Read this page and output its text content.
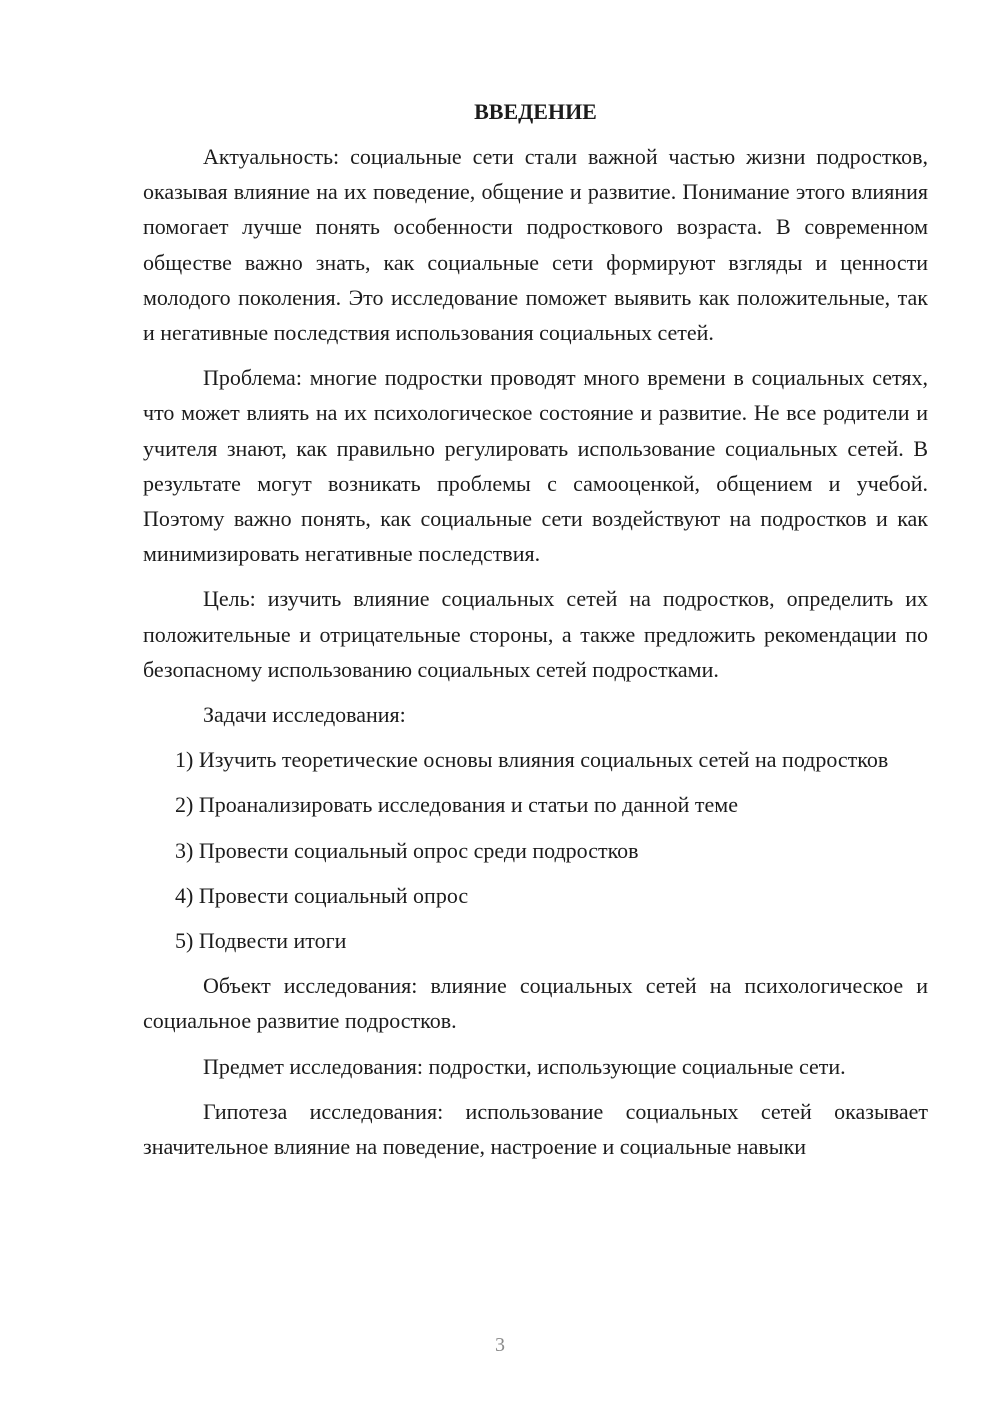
ВВЕДЕНИЕ

Актуальность: социальные сети стали важной частью жизни подростков, оказывая влияние на их поведение, общение и развитие. Понимание этого влияния помогает лучше понять особенности подросткового возраста. В современном обществе важно знать, как социальные сети формируют взгляды и ценности молодого поколения. Это исследование поможет выявить как положительные, так и негативные последствия использования социальных сетей.

Проблема: многие подростки проводят много времени в социальных сетях, что может влиять на их психологическое состояние и развитие. Не все родители и учителя знают, как правильно регулировать использование социальных сетей. В результате могут возникать проблемы с самооценкой, общением и учебой. Поэтому важно понять, как социальные сети воздействуют на подростков и как минимизировать негативные последствия.

Цель: изучить влияние социальных сетей на подростков, определить их положительные и отрицательные стороны, а также предложить рекомендации по безопасному использованию социальных сетей подростками.

Задачи исследования:

1) Изучить теоретические основы влияния социальных сетей на подростков

2) Проанализировать исследования и статьи по данной теме

3) Провести социальный опрос среди подростков

4) Провести социальный опрос

5) Подвести итоги

Объект исследования: влияние социальных сетей на психологическое и социальное развитие подростков.

Предмет исследования: подростки, использующие социальные сети.

Гипотеза исследования: использование социальных сетей оказывает значительное влияние на поведение, настроение и социальные навыки

3
